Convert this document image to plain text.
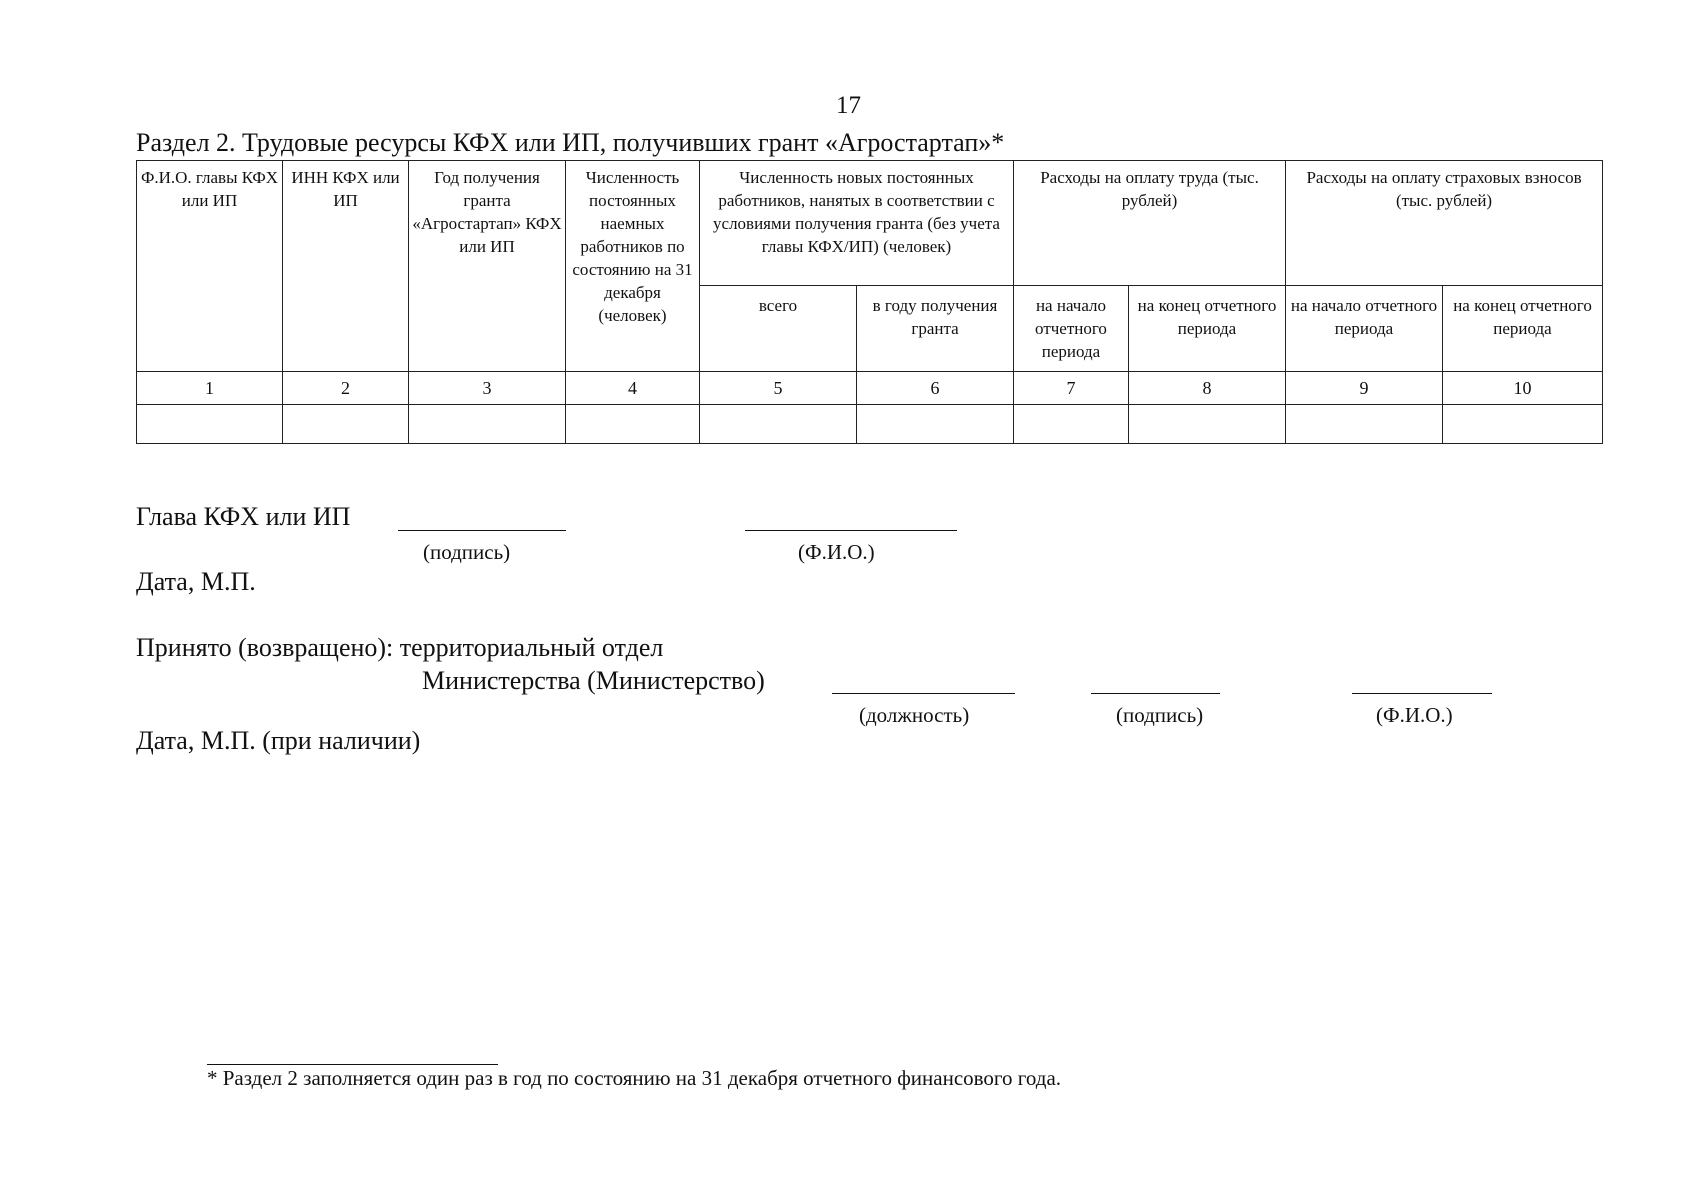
17
Раздел 2. Трудовые ресурсы КФХ или ИП, получивших грант «Агростартап»*
Ф.И.О. главы КФХ или ИП	ИНН КФХ или ИП	Год получения гранта «Агростартап» КФХ или ИП	Численность постоянных наемных работников по состоянию на 31 декабря (человек)	Численность новых постоянных работников, нанятых в соответствии с условиями получения гранта (без учета главы КФХ/ИП) (человек)		Расходы на оплату труда (тыс. рублей)		Расходы на оплату страховых взносов (тыс. рублей)	
				всего	в году получения гранта	на начало отчетного периода	на конец отчетного периода	на начало отчетного периода	на конец отчетного периода
1	2	3	4	5	6	7	8	9	10

Глава КФХ или ИП
(подпись)	(Ф.И.О.)
Дата, М.П.
Принято (возвращено): территориальный отдел
Министерства (Министерство)
(должность)	(подпись)	(Ф.И.О.)
Дата, М.П. (при наличии)
* Раздел 2 заполняется один раз в год по состоянию на 31 декабря отчетного финансового года.
